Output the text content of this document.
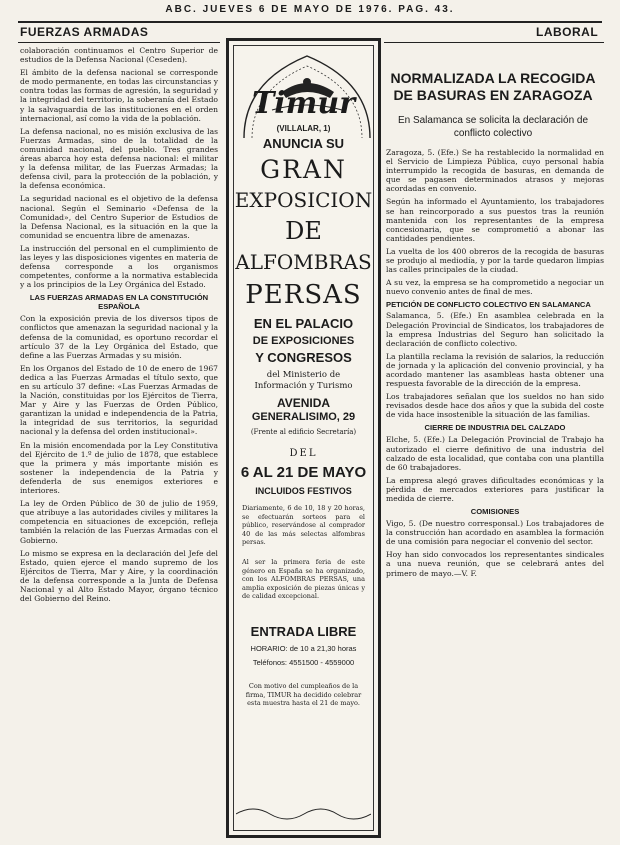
ABC. JUEVES 6 DE MAYO DE 1976. PAG. 43.
FUERZAS ARMADAS

colaboración continuamos el Centro Superior de estudios de la Defensa Nacional (Ceseden).

El ámbito de la defensa nacional se corresponde de modo permanente, en todas las circunstancias y contra todas las formas de agresión, la seguridad y la integridad del territorio, la soberanía del Estado y la salvaguardia de las instituciones en el orden internacional, así como la vida de la población.

La defensa nacional, no es misión exclusiva de las Fuerzas Armadas, sino de la totalidad de la comunidad nacional, del pueblo. Tres grandes áreas abarca hoy esta defensa nacional: el militar y la defensa militar, de las Fuerzas Armadas; la defensa civil, para la protección de la población, y la defensa económica.

La seguridad nacional es el objetivo de la defensa nacional. Según el Seminario «Defensa de la Comunidad», del Centro Superior de Estudios de la Defensa Nacional, es la situación en la que la comunidad se encuentra libre de amenazas.

La instrucción del personal en el cumplimiento de las leyes y las disposiciones vigentes en materia de defensa corresponde a los organismos competentes, conforme a la normativa establecida y a los principios de la Ley Orgánica del Estado.

LAS FUERZAS ARMADAS EN LA CONSTITUCIÓN ESPAÑOLA

Con la exposición previa de los diversos tipos de conflictos que amenazan la seguridad nacional y la defensa de la comunidad, es oportuno recordar el artículo 37 de la Ley Orgánica del Estado, que define a las Fuerzas Armadas y su misión.

En los Organos del Estado de 10 de enero de 1967 dedica a las Fuerzas Armadas el título sexto, que en su artículo 37 define: «Las Fuerzas Armadas de la Nación, constituidas por los Ejércitos de Tierra, Mar y Aire y las Fuerzas de Orden Público, garantizan la unidad e independencia de la Patria, la integridad de sus territorios, la seguridad nacional y la defensa del orden institucional».

En la misión encomendada por la Ley Constitutiva del Ejército de 1.º de julio de 1878, que establece que la primera y más importante misión es sostener la independencia de la Patria y defenderla de sus enemigos exteriores e interiores.

La ley de Orden Público de 30 de julio de 1959, que atribuye a las autoridades civiles y militares la competencia en situaciones de excepción, refleja también la relación de las Fuerzas Armadas con el Gobierno.

Lo mismo se expresa en la declaración del Jefe del Estado, quien ejerce el mando supremo de los Ejércitos de Tierra, Mar y Aire, y la coordinación de la defensa corresponde a la Junta de Defensa Nacional y al Alto Estado Mayor, órgano técnico del Gobierno del Reino.

Timur
(VILLALAR, 1)
ANUNCIA SU
GRAN
EXPOSICION
DE
ALFOMBRAS
PERSAS
EN EL PALACIO
DE EXPOSICIONES
Y CONGRESOS
del Ministerio de Información y Turismo
AVENIDA
GENERALISIMO, 29
(Frente al edificio Secretaría)
DEL
6 AL 21 DE MAYO
INCLUIDOS FESTIVOS
Diariamente, 6 de 10, 18 y 20 horas, se efectuarán sorteos para el público, reservándose al comprador 40 de las más selectas alfombras persas.
Al ser la primera feria de este género en España se ha organizado, con los ALFOMBRAS PERSAS, una amplia exposición de piezas únicas y de calidad excepcional.
ENTRADA LIBRE
HORARIO: de 10 a 21,30 horas
Teléfonos: 4551500 - 4559000
Con motivo del cumpleaños de la firma, TIMUR ha decidido celebrar esta muestra hasta el 21 de mayo.
LABORAL
NORMALIZADA LA RECOGIDA DE BASURAS EN ZARAGOZA
En Salamanca se solicita la declaración de conflicto colectivo

Zaragoza, 5. (Efe.) Se ha restablecido la normalidad en el Servicio de Limpieza Pública, cuyo personal había interrumpido la recogida de basuras, en demanda de que se pagasen determinados atrasos y mejoras acordadas en convenio.

Según ha informado el Ayuntamiento, los trabajadores se han reincorporado a sus puestos tras la reunión mantenida con los representantes de la empresa concesionaria, que se comprometió a abonar las cantidades pendientes.

La vuelta de los 400 obreros de la recogida de basuras se produjo al mediodía, y por la tarde quedaron limpias las calles principales de la ciudad.

A su vez, la empresa se ha comprometido a negociar un nuevo convenio antes de final de mes.

PETICIÓN DE CONFLICTO COLECTIVO EN SALAMANCA

Salamanca, 5. (Efe.) En asamblea celebrada en la Delegación Provincial de Sindicatos, los trabajadores de la empresa Industrias del Seguro han solicitado la declaración de conflicto colectivo.

La plantilla reclama la revisión de salarios, la reducción de jornada y la aplicación del convenio provincial, y ha acordado mantener las asambleas hasta obtener una respuesta favorable de la dirección de la empresa.

Los trabajadores señalan que los sueldos no han sido revisados desde hace dos años y que la subida del coste de vida hace insostenible la situación de las familias.

CIERRE DE INDUSTRIA DEL CALZADO

Elche, 5. (Efe.) La Delegación Provincial de Trabajo ha autorizado el cierre definitivo de una industria del calzado de esta localidad, que contaba con una plantilla de 60 trabajadores.

La empresa alegó graves dificultades económicas y la pérdida de mercados exteriores para justificar la medida de cierre.

COMISIONES

Vigo, 5. (De nuestro corresponsal.) Los trabajadores de la construcción han acordado en asamblea la formación de una comisión para negociar el convenio del sector.

Hoy han sido convocados los representantes sindicales a una nueva reunión, que se celebrará antes del primero de mayo.—V. F.
